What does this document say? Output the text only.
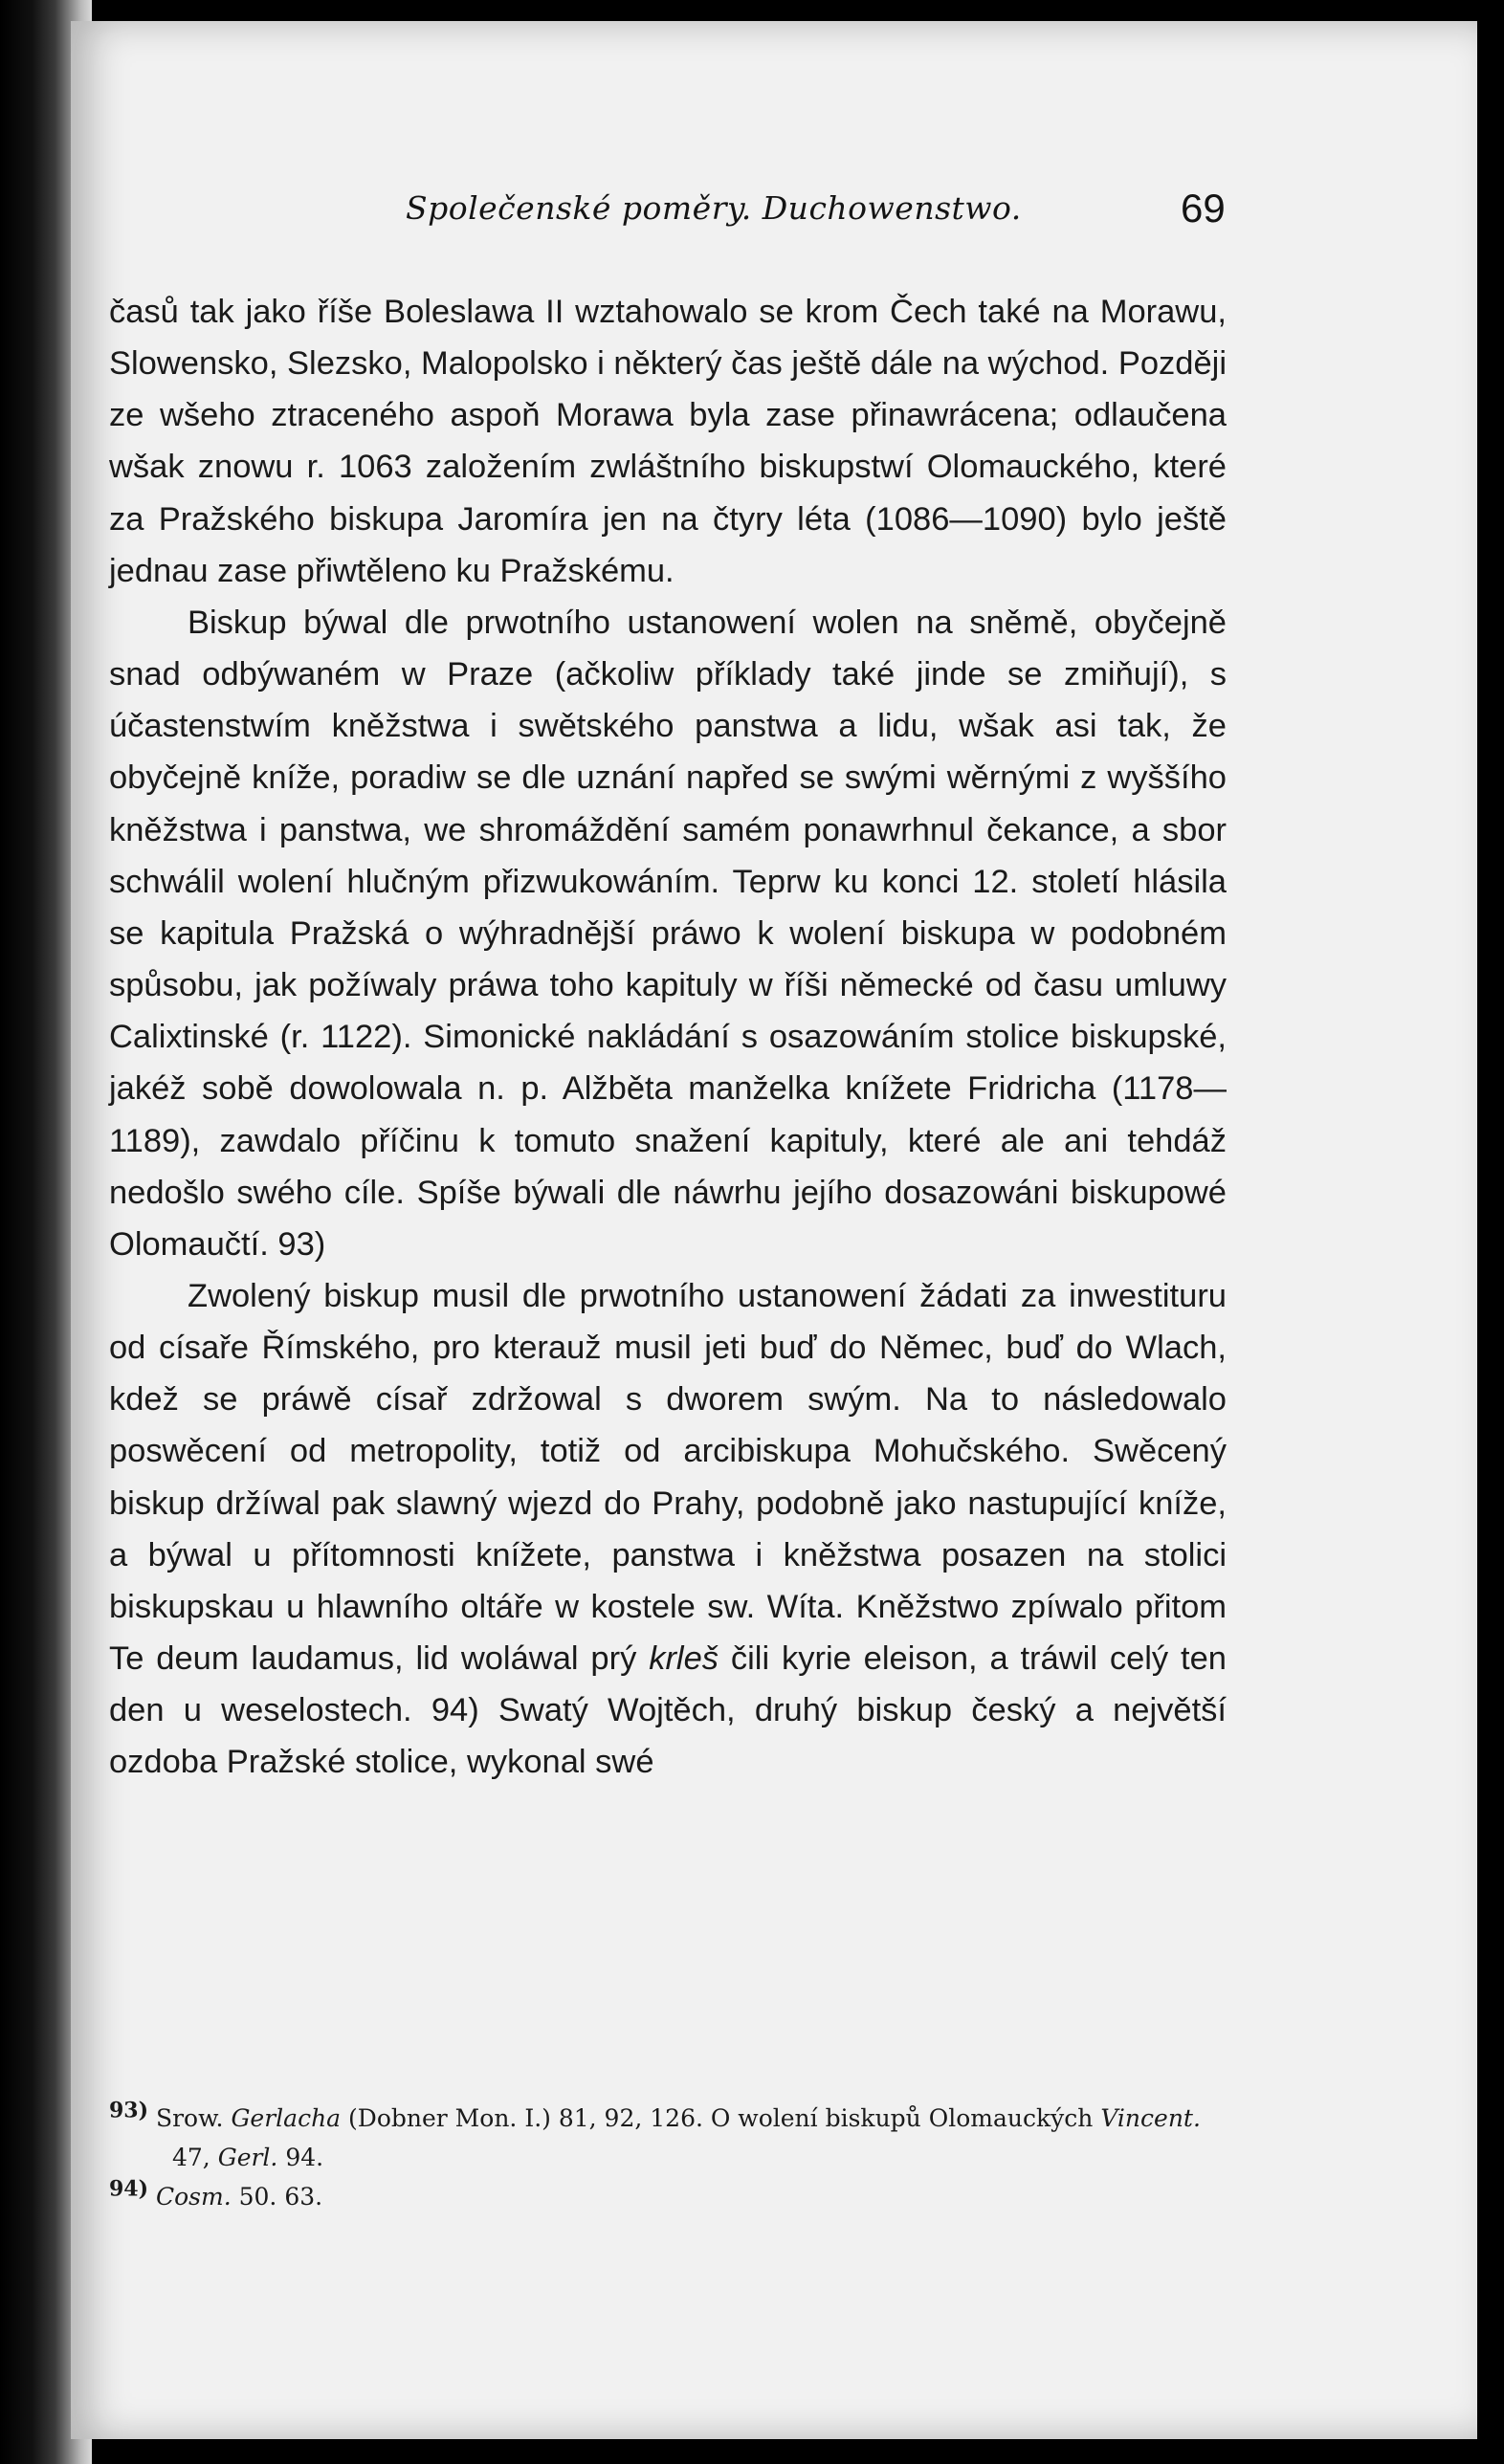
Společenské poměry. Duchowenstwo.	69

časů tak jako říše Boleslawa II wztahowalo se krom Čech také na Morawu, Slowensko, Slezsko, Malopolsko i některý čas ještě dále na wýchod. Později ze wšeho ztraceného aspoň Morawa byla zase přinawrácena; odlaučena wšak znowu r. 1063 založením zwláštního biskupstwí Olomauckého, které za Pražského biskupa Jaromíra jen na čtyry léta (1086—1090) bylo ještě jednau zase přiwtěleno ku Pražskému.

Biskup býwal dle prwotního ustanowení wolen na sněmě, obyčejně snad odbýwaném w Praze (ačkoliw příklady také jinde se zmiňují), s účastenstwím kněžstwa i swětského panstwa a lidu, wšak asi tak, že obyčejně kníže, poradiw se dle uznání napřed se swými wěrnými z wyššího kněžstwa i panstwa, we shromáždění samém ponawrhnul čekance, a sbor schwálil wolení hlučným přizwukowáním. Teprw ku konci 12. století hlásila se kapitula Pražská o wýhradnější práwo k wolení biskupa w podobném spůsobu, jak požíwaly práwa toho kapituly w říši německé od času umluwy Calixtinské (r. 1122). Simonické nakládání s osazowáním stolice biskupské, jakéž sobě dowolowala n. p. Alžběta manželka knížete Fridricha (1178—1189), zawdalo příčinu k tomuto snažení kapituly, které ale ani tehdáž nedošlo swého cíle. Spíše býwali dle náwrhu jejího dosazowáni biskupowé Olomaučtí. 93)

Zwolený biskup musil dle prwotního ustanowení žádati za inwestituru od císaře Římského, pro kterauž musil jeti buď do Němec, buď do Wlach, kdež se práwě císař zdržowal s dworem swým. Na to následowalo poswěcení od metropolity, totiž od arcibiskupa Mohučského. Swěcený biskup držíwal pak slawný wjezd do Prahy, podobně jako nastupující kníže, a býwal u přítomnosti knížete, panstwa i kněžstwa posazen na stolici biskupskau u hlawního oltáře w kostele sw. Wíta. Kněžstwo zpíwalo přitom Te deum laudamus, lid woláwal prý krleš čili kyrie eleison, a tráwil celý ten den u weselostech. 94) Swatý Wojtěch, druhý biskup český a největší ozdoba Pražské stolice, wykonal swé

93) Srow. Gerlacha (Dobner Mon. I.) 81, 92, 126. O wolení biskupů Olomauckých Vincent. 47, Gerl. 94.

94) Cosm. 50. 63.
